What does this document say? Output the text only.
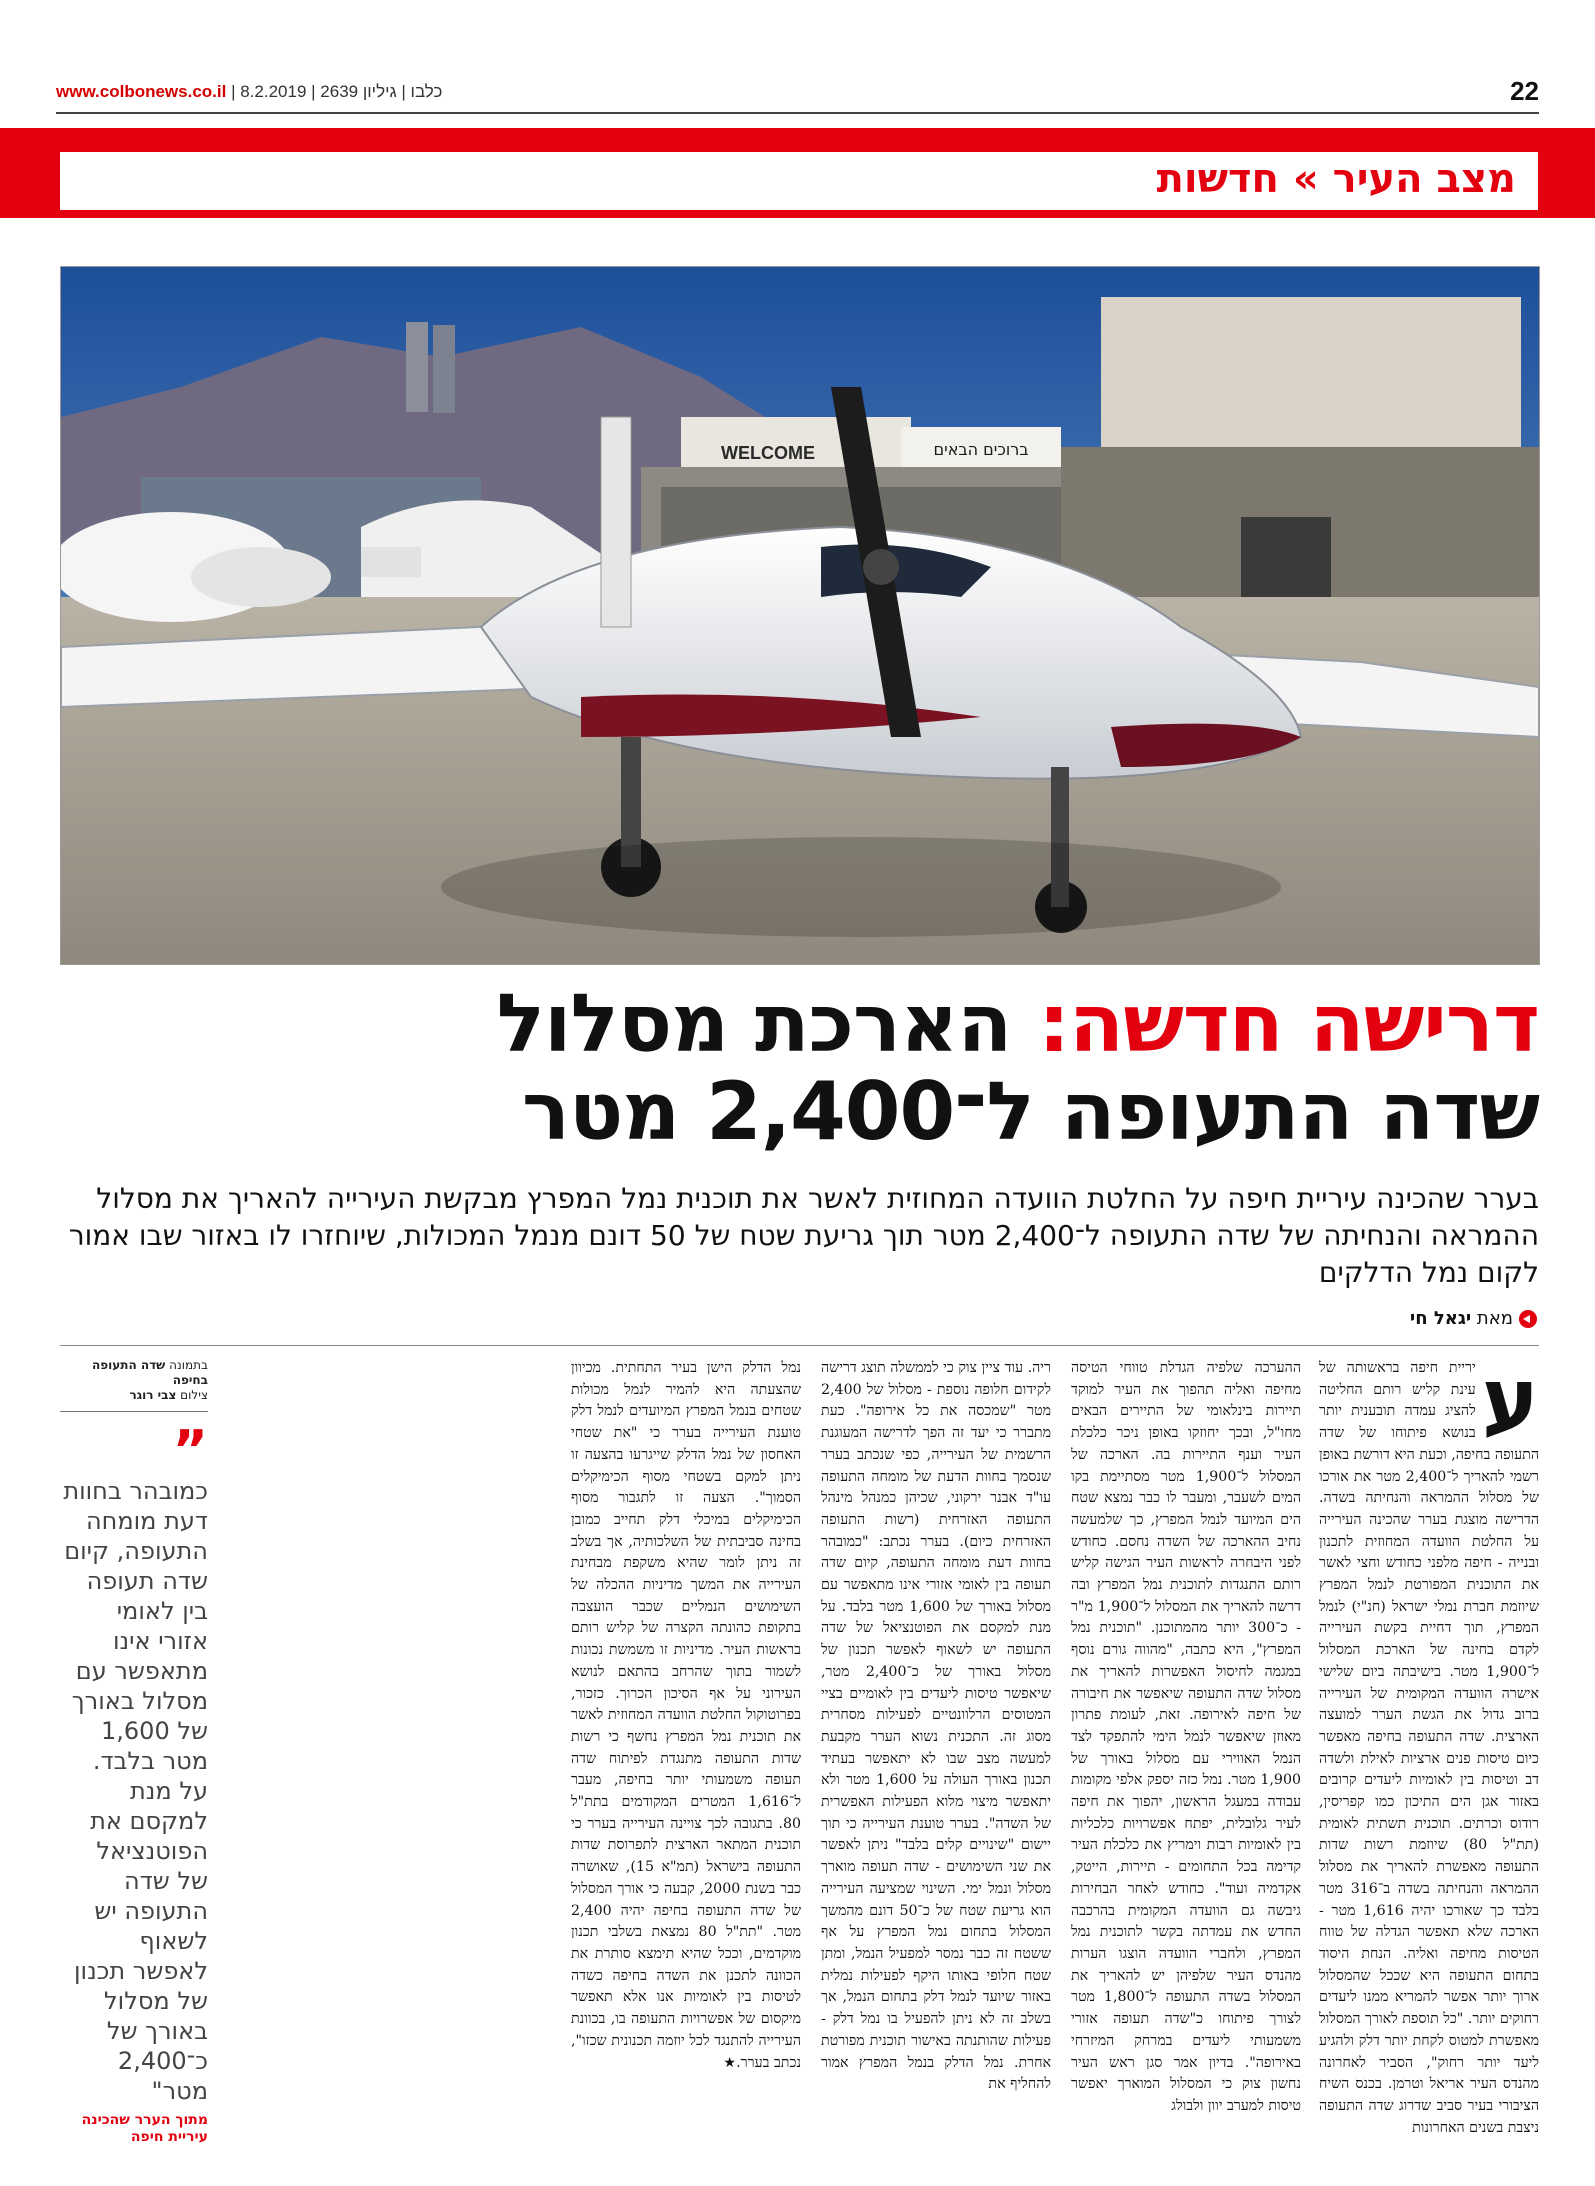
www.colbonews.co.il | כלבו | גיליון 2639 | 8.2.2019	22
מצב העיר » חדשות
WELCOME	ברוכים הבאים
דרישה חדשה: הארכת מסלול
שדה התעופה ל־2,400 מטר
בערר שהכינה עיריית חיפה על החלטת הוועדה המחוזית לאשר את תוכנית נמל המפרץ מבקשת העירייה להאריך את מסלול ההמראה והנחיתה של שדה התעופה ל־2,400 מטר תוך גריעת שטח של 50 דונם מנמל המכולות, שיוחזרו לו באזור שבו אמור לקום נמל הדלקים
מאת יגאל חי
ע
יריית חיפה בראשותה של עינת קליש רותם החליטה להציג עמדה תובענית יותר בנושא פיתוחו של שדה התעופה בחיפה, וכעת היא דורשת באופן רשמי להאריך ל־2,400 מטר את אורכו של מסלול ההמראה והנחיתה בשדה. הדרישה מוצגת בערר שהכינה העירייה על החלטת הוועדה המחוזית לתכנון ובנייה - חיפה מלפני כחודש וחצי לאשר את התוכנית המפורטת לנמל המפרץ שיוזמת חברת נמלי ישראל (חנ"י) לנמל המפרץ, תוך דחיית בקשת העירייה לקדם בחינה של הארכת המסלול ל־1,900 מטר. בישיבתה ביום שלישי אישרה הוועדה המקומית של העירייה ברוב גדול את הגשת הערר למועצה הארצית. שדה התעופה בחיפה מאפשר כיום טיסות פנים ארציות לאילת ולשדה דב וטיסות בין לאומיות ליעדים קרובים באזור אגן הים התיכון כמו קפריסין, רודוס וכרתים. תוכנית תשתית לאומית (תת"ל 80) שיוזמת רשות שדות התעופה מאפשרת להאריך את מסלול ההמראה והנחיתה בשדה ב־316 מטר בלבד כך שאורכו יהיה 1,616 מטר - הארכה שלא תאפשר הגדלה של טווח הטיסות מחיפה ואליה. הנחת היסוד בתחום התעופה היא שככל שהמסלול ארוך יותר אפשר להמריא ממנו ליעדים רחוקים יותר. "כל תוספת לאורך המסלול מאפשרת למטוס לקחת יותר דלק ולהגיע ליעד יותר רחוק", הסביר לאחרונה מהנדס העיר אריאל וטרמן. בכנס השיח הציבורי בעיר סביב שדרוג שדה התעופה ניצבת בשנים האחרונות
ההערכה שלפיה הגדלת טווחי הטיסה מחיפה ואליה תהפוך את העיר למוקד תיירות בינלאומי של התיירים הבאים מחו"ל, ובכך יחוזקו באופן ניכר כלכלת העיר וענף התיירות בה. הארכה של המסלול ל־1,900 מטר מסתיימת בקו המים לשעבר, ומעבר לו כבר נמצא שטח הים המיועד לנמל המפרץ, כך שלמעשה נחיב ההארכה של השדה נחסם. כחודש לפני היבחרה לראשות העיר הגישה קליש רותם התנגדות לתוכנית נמל המפרץ ובה דרשה להאריך את המסלול ל־1,900 מ"ר - כ־300 יותר מהמתוכנן. "תוכנית נמל המפרץ", היא כתבה, "מהווה גורם נוסף במגמה לחיסול האפשרות להאריך את מסלול שדה התעופה שיאפשר את חיבורה של חיפה לאירופה. זאת, לעומת פתרון מאוזן שיאפשר לנמל הימי להתפקד לצד הנמל האווירי עם מסלול באורך של 1,900 מטר. נמל כזה יספק אלפי מקומות עבודה במעגל הראשון, יהפוך את חיפה לעיר גלובלית, יפתח אפשרויות כלכליות בין לאומיות רבות וימריץ את כלכלת העיר קדימה בכל התחומים - תיירות, הייטק, אקדמיה ועוד". כחודש לאחר הבחירות גיבשה גם הוועדה המקומית בהרכבה החדש את עמדתה בקשר לתוכנית נמל המפרץ, ולחברי הוועדה הוצגו הערות מהנדס העיר שלפיהן יש להאריך את המסלול בשדה התעופה ל־1,800 מטר לצורך פיתוחו כ"שדה תעופה אזורי משמעותי ליעדים במרחק המיזרחי באירופה". בדיון אמר סגן ראש העיר נחשון צוק כי המסלול המוארך יאפשר טיסות למערב יוון ולבולג
ריה. עוד ציין צוק כי לממשלה תוצג דרישה לקידום חלופה נוספת - מסלול של 2,400 מטר "שמכסה את כל אירופה". כעת מתברר כי יעד זה הפך לדרישה המעוגנת הרשמית של העירייה, כפי שנכתב בערר שנסמך בחוות הדעת של מומחה התעופה עו"ד אבנר ירקוני, שכיהן כמנהל מינהל התעופה האזרחית (רשות התעופה האזרחית כיום). בערר נכתב: "כמובהר בחוות דעת מומחה התעופה, קיום שדה תעופה בין לאומי אזורי אינו מתאפשר עם מסלול באורך של 1,600 מטר בלבד. על מנת למקסם את הפוטנציאל של שדה התעופה יש לשאוף לאפשר תכנון של מסלול באורך של כ־2,400 מטר, שיאפשר טיסות ליעדים בין לאומיים בציי המטוסים הרלוונטיים לפעילות מסחרית מסוג זה. התכנית נשוא הערר מקבעת למעשה מצב שבו לא יתאפשר בעתיד תכנון באורך העולה על 1,600 מטר ולא יתאפשר מיצוי מלוא הפעילות האפשרית של השדה". בערר טוענת העירייה כי תוך יישום "שינויים קלים בלבד" ניתן לאפשר את שני השימושים - שדה תעופה מוארך מסלול ונמל ימי. השינוי שמציעה העירייה הוא גריעת שטח של כ־50 דונם מהמשך המסלול בתחום נמל המפרץ על אף ששטח זה כבר נמסר למפעיל הנמל, ומתן שטח חלופי באותו היקף לפעילות נמלית באזור שיועד לנמל דלק בתחום הנמל, אך בשלב זה לא ניתן להפעיל בו נמל דלק - פעילות שהותנתה באישור תוכנית מפורטת אחרת. נמל הדלק בנמל המפרץ אמור להחליף את
נמל הדלק הישן בעיר התחתית. מכיוון שהצעתה היא להמיר לנמל מכולות שטחים בנמל המפרץ המיועדים לנמל דלק טוענת העירייה בערר כי "את שטחי האחסון של נמל הדלק שייגרעו בהצעה זו ניתן למקם בשטחי מסוף הכימיקלים הסמוך". הצעה זו לתגבור מסוף הכימיקלים במיכלי דלק תחייב כמובן בחינה סביבתית של השלכותיה, אך בשלב זה ניתן לומר שהיא משקפת מבחינת העירייה את המשך מדיניות ההכלה של השימושים הנמליים שכבר הועצבה בתקופת כהונתה הקצרה של קליש רותם בראשות העיר. מדיניות זו משמשת נכונות לשמור בתוך שהרחב בהתאם לנושא העירוני על אף הסיכון הכרוך. כזכור, בפרוטוקול החלטת הוועדה המחוזית לאשר את תוכנית נמל המפרץ נחשף כי רשות שדות התעופה מתנגדת לפיתוח שדה תעופה משמעותי יותר בחיפה, מעבר ל־1,616 המטרים המקודמים בתת"ל 80. בתגובה לכך צויינה העירייה בערר כי תוכנית המתאר הארצית לתפרוסת שדות התעופה בישראל (תמ"א 15), שאושרה כבר בשנת 2000, קבעה כי אורך המסלול של שדה התעופה בחיפה יהיה 2,400 מטר. "תת"ל 80 נמצאת בשלבי תכנון מוקדמים, וככל שהיא תימצא סותרת את הכוונה לתכנן את השדה בחיפה כשדה לטיסות בין לאומיות אנו אלא תאפשר מיקסום של אפשרויות התעופה בו, בכוונת העירייה להתנגד לכל יוזמה תכנונית שכזו", נכתב בערר.★
בתמונה שדה התעופה בחיפה
צילום צבי רוגר
”
כמובהר בחוות דעת מומחה התעופה, קיום שדה תעופה בין לאומי אזורי אינו מתאפשר עם מסלול באורך של 1,600 מטר בלבד. על מנת למקסם את הפוטנציאל של שדה התעופה יש לשאוף לאפשר תכנון של מסלול באורך של כ־2,400 מטר"
מתוך הערר שהכינה עיריית חיפה
